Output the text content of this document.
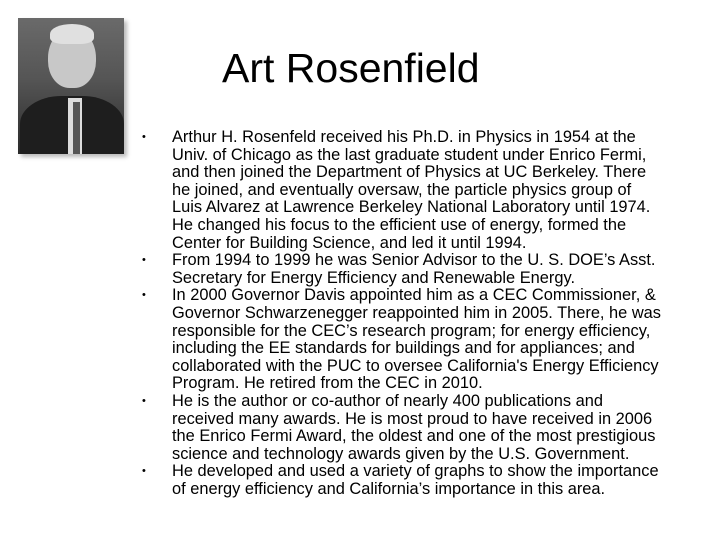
Art Rosenfield
• Arthur H. Rosenfeld received his Ph.D. in Physics in 1954 at the
Univ. of Chicago as the last graduate student under Enrico Fermi,
and then joined the Department of Physics at UC Berkeley. There
he joined, and eventually oversaw, the particle physics group of
Luis Alvarez at Lawrence Berkeley National Laboratory until 1974.
He changed his focus to the efficient use of energy, formed the
Center for Building Science, and led it until 1994.
• From 1994 to 1999 he was Senior Advisor to the U. S. DOE’s Asst.
Secretary for Energy Efficiency and Renewable Energy.
• In 2000 Governor Davis appointed him as a CEC Commissioner, &
Governor Schwarzenegger reappointed him in 2005. There, he was
responsible for the CEC’s research program; for energy efficiency,
including the EE standards for buildings and for appliances; and
collaborated with the PUC to oversee California's Energy Efficiency
Program. He retired from the CEC in 2010.
• He is the author or co-author of nearly 400 publications and
received many awards. He is most proud to have received in 2006
the Enrico Fermi Award, the oldest and one of the most prestigious
science and technology awards given by the U.S. Government.
• He developed and used a variety of graphs to show the importance
of energy efficiency and California’s importance in this area.
